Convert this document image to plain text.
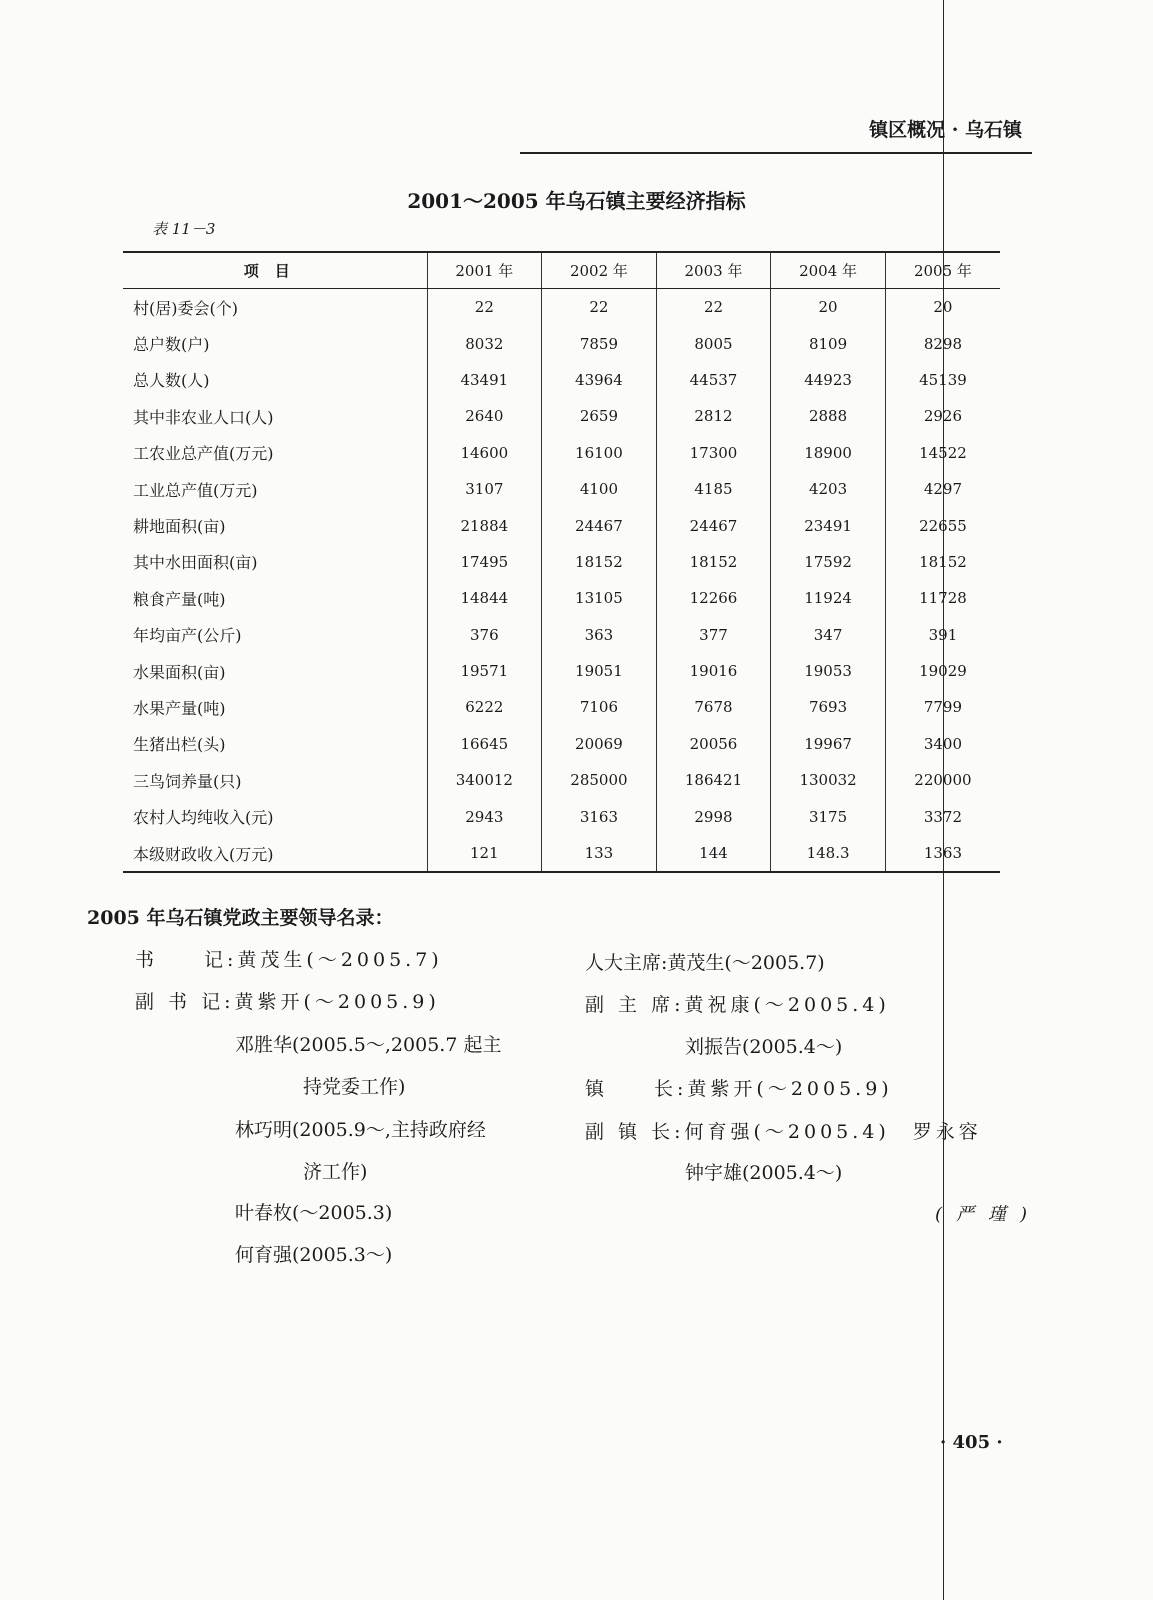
镇区概况 · 乌石镇
2001～2005 年乌石镇主要经济指标
表 11－3
项目	2001 年	2002 年	2003 年	2004 年	2005 年
村(居)委会(个)	22	22	22	20	20
总户数(户)	8032	7859	8005	8109	8298
总人数(人)	43491	43964	44537	44923	45139
其中非农业人口(人)	2640	2659	2812	2888	2926
工农业总产值(万元)	14600	16100	17300	18900	14522
工业总产值(万元)	3107	4100	4185	4203	4297
耕地面积(亩)	21884	24467	24467	23491	22655
其中水田面积(亩)	17495	18152	18152	17592	18152
粮食产量(吨)	14844	13105	12266	11924	11728
年均亩产(公斤)	376	363	377	347	391
水果面积(亩)	19571	19051	19016	19053	19029
水果产量(吨)	6222	7106	7678	7693	7799
生猪出栏(头)	16645	20069	20056	19967	3400
三鸟饲养量(只)	340012	285000	186421	130032	220000
农村人均纯收入(元)	2943	3163	2998	3175	3372
本级财政收入(万元)	121	133	144	148.3	1363
2005 年乌石镇党政主要领导名录：
书　　记:黄茂生(～2005.7)
副 书 记:黄紫开(～2005.9)
邓胜华(2005.5～,2005.7 起主
持党委工作)
林巧明(2005.9～,主持政府经
济工作)
叶春枚(～2005.3)
何育强(2005.3～)
人大主席:黄茂生(～2005.7)
副 主 席:黄祝康(～2005.4)
刘振告(2005.4～)
镇　　长:黄紫开(～2005.9)
副 镇 长:何育强(～2005.4)　罗永容
钟宇雄(2005.4～)
(严瑾)
· 405 ·
